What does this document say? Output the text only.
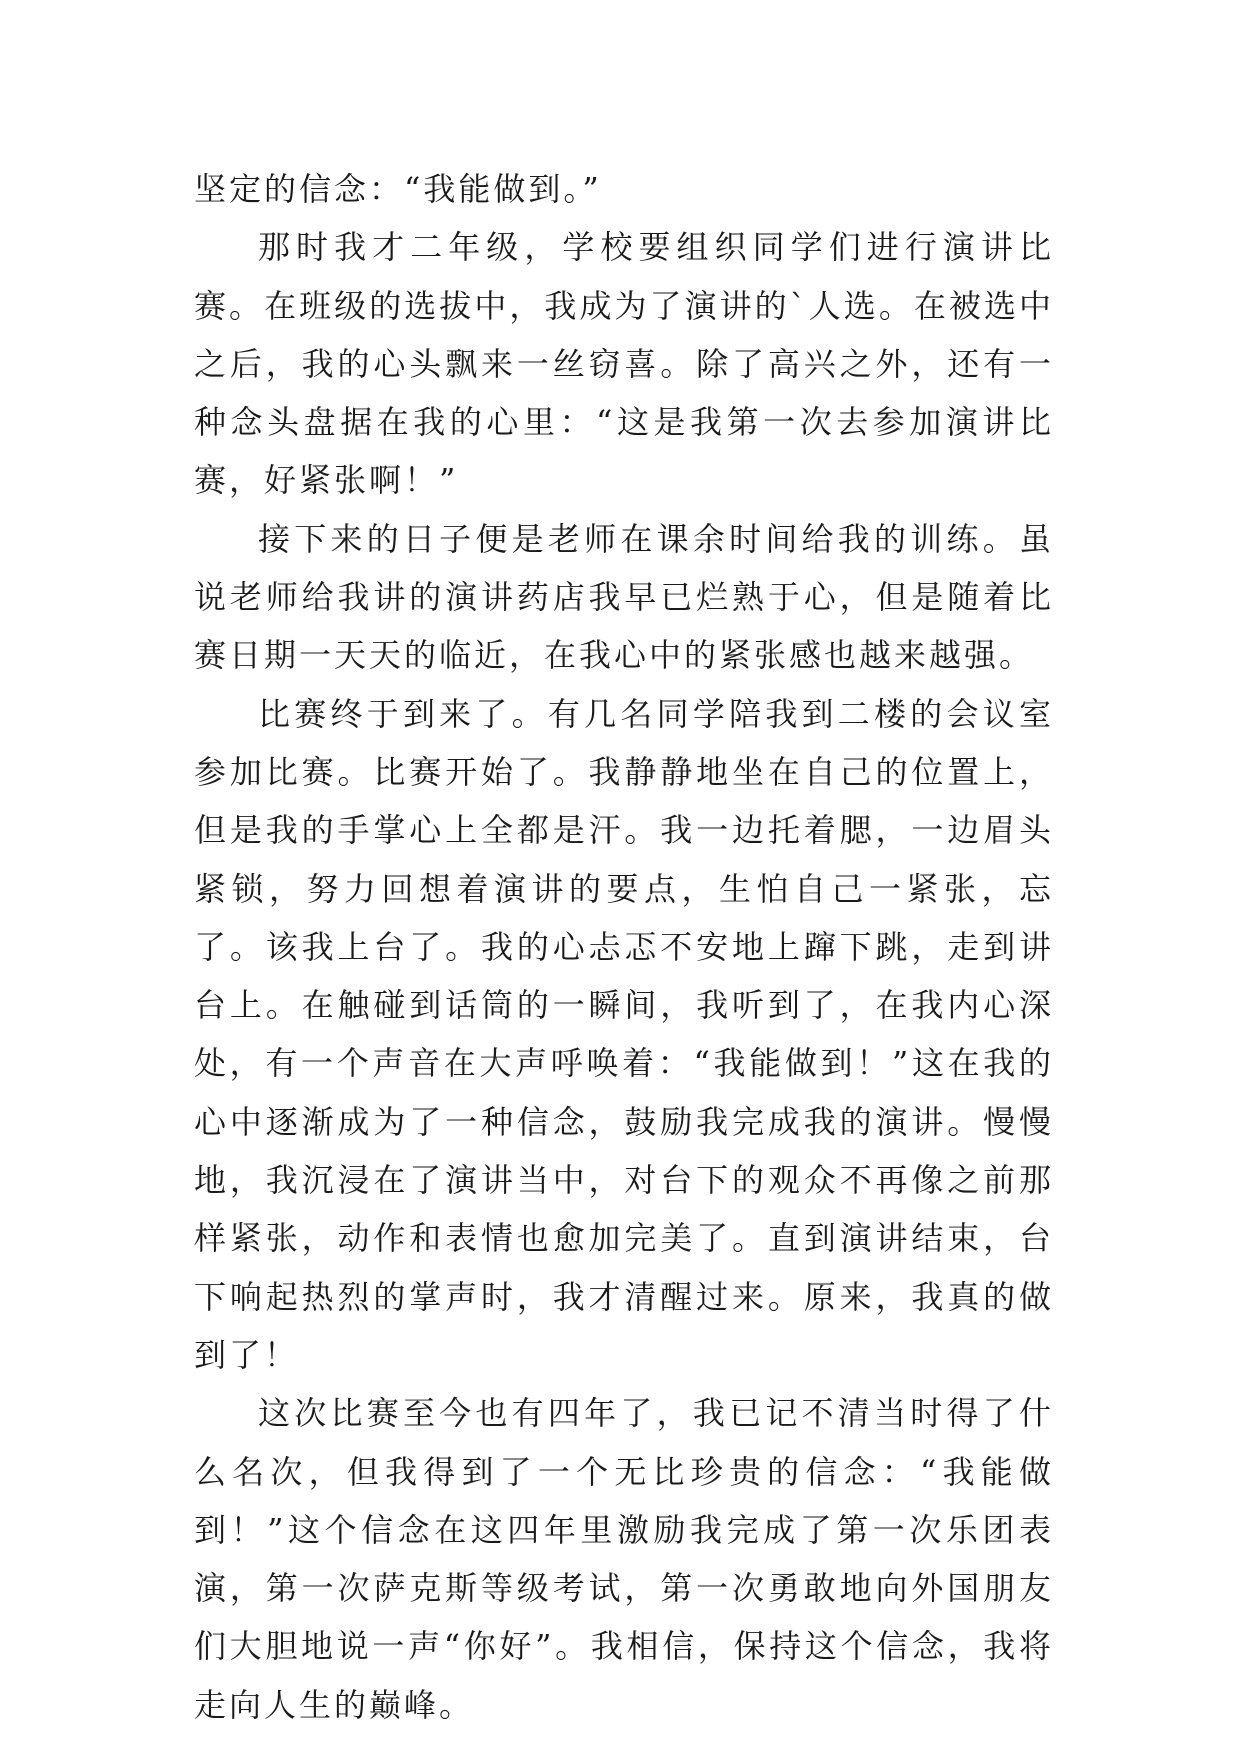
坚定的信念：“我能做到。”

那时我才二年级，学校要组织同学们进行演讲比赛。在班级的选拔中，我成为了演讲的`人选。在被选中之后，我的心头飘来一丝窃喜。除了高兴之外，还有一种念头盘据在我的心里：“这是我第一次去参加演讲比赛，好紧张啊！”

接下来的日子便是老师在课余时间给我的训练。虽说老师给我讲的演讲药店我早已烂熟于心，但是随着比赛日期一天天的临近，在我心中的紧张感也越来越强。

比赛终于到来了。有几名同学陪我到二楼的会议室参加比赛。比赛开始了。我静静地坐在自己的位置上，但是我的手掌心上全都是汗。我一边托着腮，一边眉头紧锁，努力回想着演讲的要点，生怕自己一紧张，忘了。该我上台了。我的心忐忑不安地上蹿下跳，走到讲台上。在触碰到话筒的一瞬间，我听到了，在我内心深处，有一个声音在大声呼唤着：“我能做到！”这在我的心中逐渐成为了一种信念，鼓励我完成我的演讲。慢慢地，我沉浸在了演讲当中，对台下的观众不再像之前那样紧张，动作和表情也愈加完美了。直到演讲结束，台下响起热烈的掌声时，我才清醒过来。原来，我真的做到了！

这次比赛至今也有四年了，我已记不清当时得了什么名次，但我得到了一个无比珍贵的信念：“我能做到！”这个信念在这四年里激励我完成了第一次乐团表演，第一次萨克斯等级考试，第一次勇敢地向外国朋友们大胆地说一声“你好”。我相信，保持这个信念，我将走向人生的巅峰。
